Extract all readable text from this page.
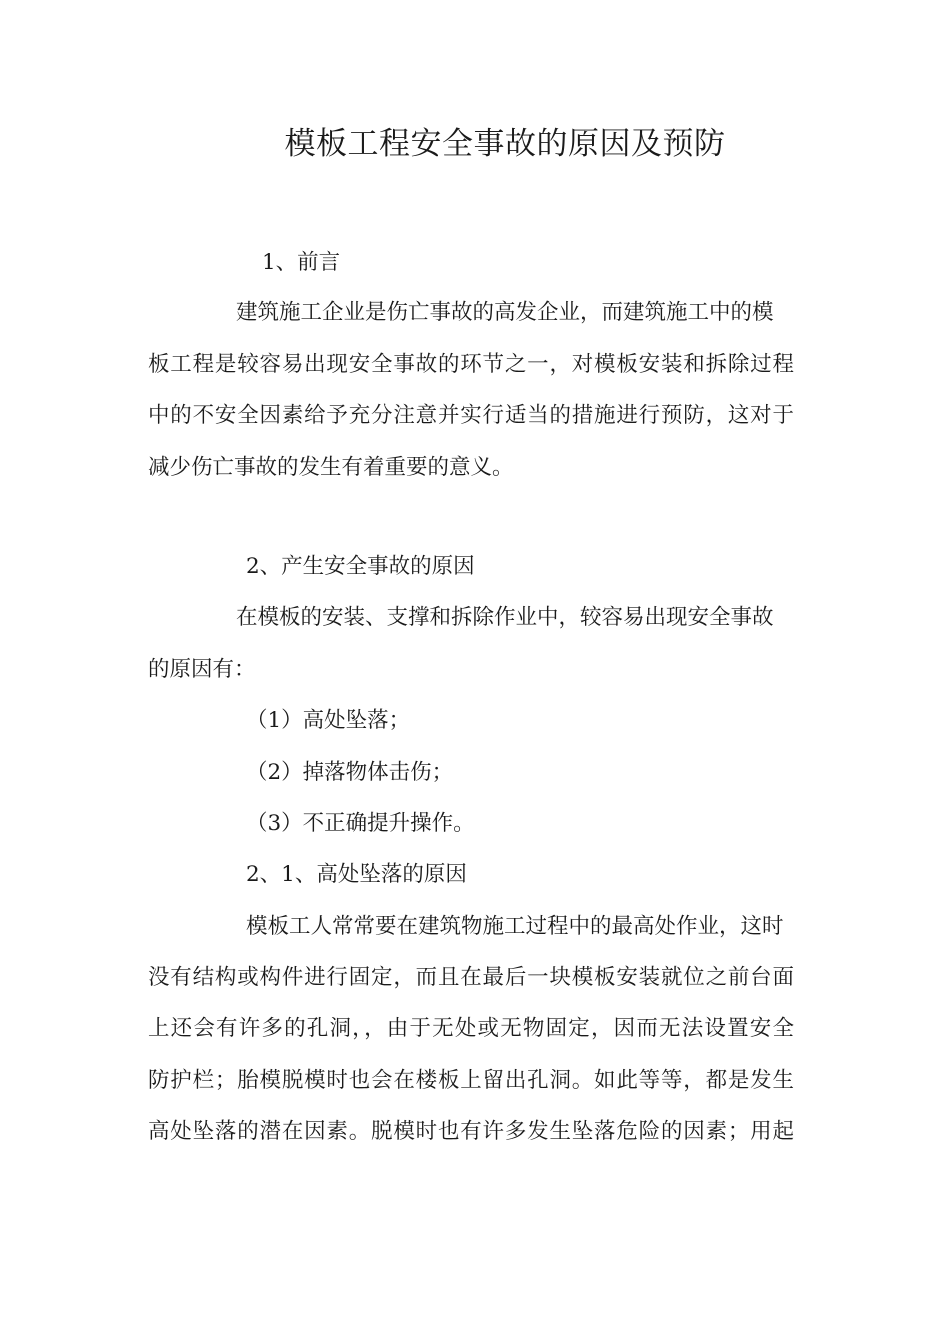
模板工程安全事故的原因及预防
1、前言
建筑施工企业是伤亡事故的高发企业，而建筑施工中的模
板工程是较容易出现安全事故的环节之一，对模板安装和拆除过程
中的不安全因素给予充分注意并实行适当的措施进行预防，这对于
减少伤亡事故的发生有着重要的意义。
2、产生安全事故的原因
在模板的安装、支撑和拆除作业中，较容易出现安全事故
的原因有：
（1）高处坠落；
（2）掉落物体击伤；
（3）不正确提升操作。
2、1、高处坠落的原因
模板工人常常要在建筑物施工过程中的最高处作业，这时
没有结构或构件进行固定，而且在最后一块模板安装就位之前台面
上还会有许多的孔洞，，由于无处或无物固定，因而无法设置安全
防护栏；胎模脱模时也会在楼板上留出孔洞。如此等等，都是发生
高处坠落的潜在因素。脱模时也有许多发生坠落危险的因素；用起
